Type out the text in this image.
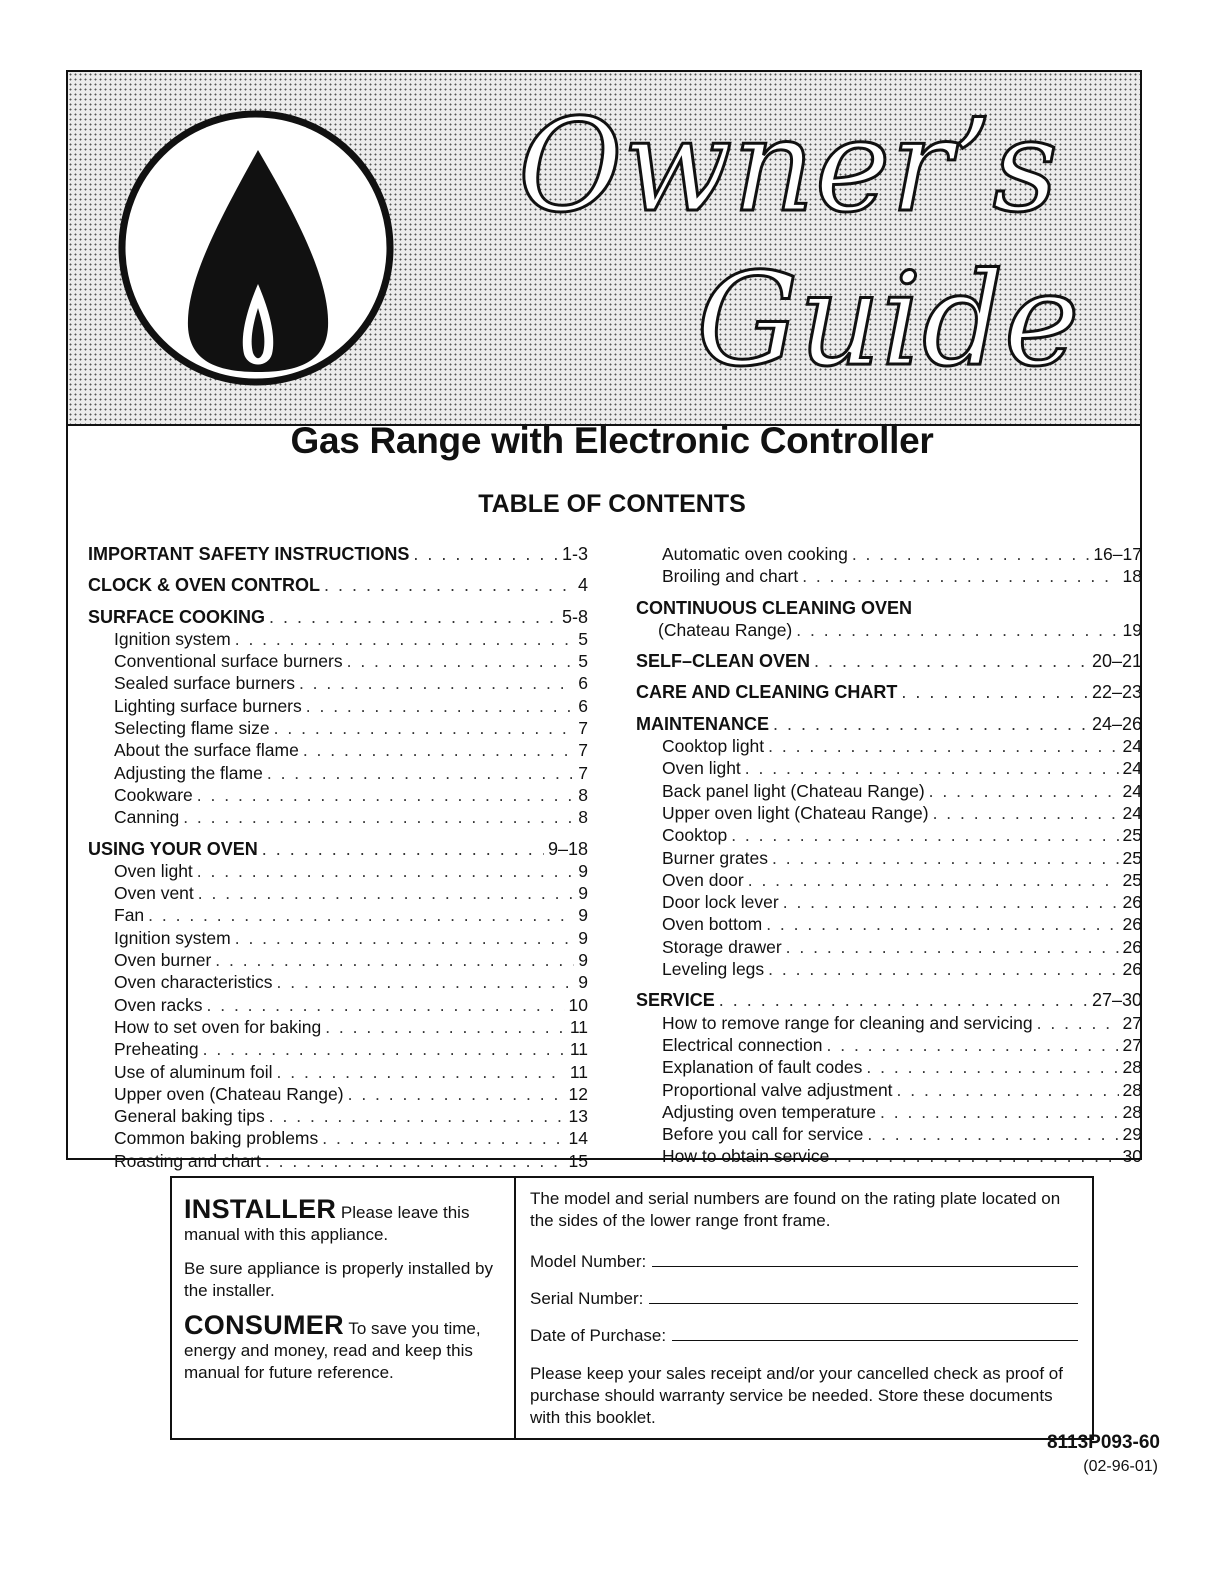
Owner’s
Guide
Gas Range with Electronic Controller
TABLE OF CONTENTS
IMPORTANT SAFETY INSTRUCTIONS . . .	1-3
CLOCK & OVEN CONTROL . . .	4
SURFACE COOKING . . .	5-8
Ignition system . . .	5
Conventional surface burners . . .	5
Sealed surface burners . . .	6
Lighting surface burners . . .	6
Selecting flame size . . .	7
About the surface flame . . .	7
Adjusting the flame . . .	7
Cookware . . .	8
Canning . . .	8
USING YOUR OVEN . . .	9–18
Oven light . . .	9
Oven vent . . .	9
Fan . . .	9
Ignition system . . .	9
Oven burner . . .	9
Oven characteristics . . .	9
Oven racks . . .	10
How to set oven for baking . . .	11
Preheating . . .	11
Use of aluminum foil . . .	11
Upper oven (Chateau Range) . . .	12
General baking tips . . .	13
Common baking problems . . .	14
Roasting and chart . . .	15
Automatic oven cooking . . .	16–17
Broiling and chart . . .	18
CONTINUOUS CLEANING OVEN
(Chateau Range) . . .	19
SELF–CLEAN OVEN . . .	20–21
CARE AND CLEANING CHART . . .	22–23
MAINTENANCE . . .	24–26
Cooktop light . . .	24
Oven light . . .	24
Back panel light (Chateau Range) . . .	24
Upper oven light (Chateau Range) . . .	24
Cooktop . . .	25
Burner grates . . .	25
Oven door . . .	25
Door lock lever . . .	26
Oven bottom . . .	26
Storage drawer . . .	26
Leveling legs . . .	26
SERVICE . . .	27–30
How to remove range for cleaning and servicing . . .	27
Electrical connection . . .	27
Explanation of fault codes . . .	28
Proportional valve adjustment . . .	28
Adjusting oven temperature . . .	28
Before you call for service . . .	29
How to obtain service . . .	30
INSTALLER Please leave this manual with this appliance.
Be sure appliance is properly installed by the installer.
CONSUMER To save you time, energy and money, read and keep this manual for future reference.
The model and serial numbers are found on the rating plate located on the sides of the lower range front frame.
Model Number:
Serial Number:
Date of Purchase:
Please keep your sales receipt and/or your cancelled check as proof of purchase should warranty service be needed. Store these documents with this booklet.
8113P093-60
(02-96-01)
